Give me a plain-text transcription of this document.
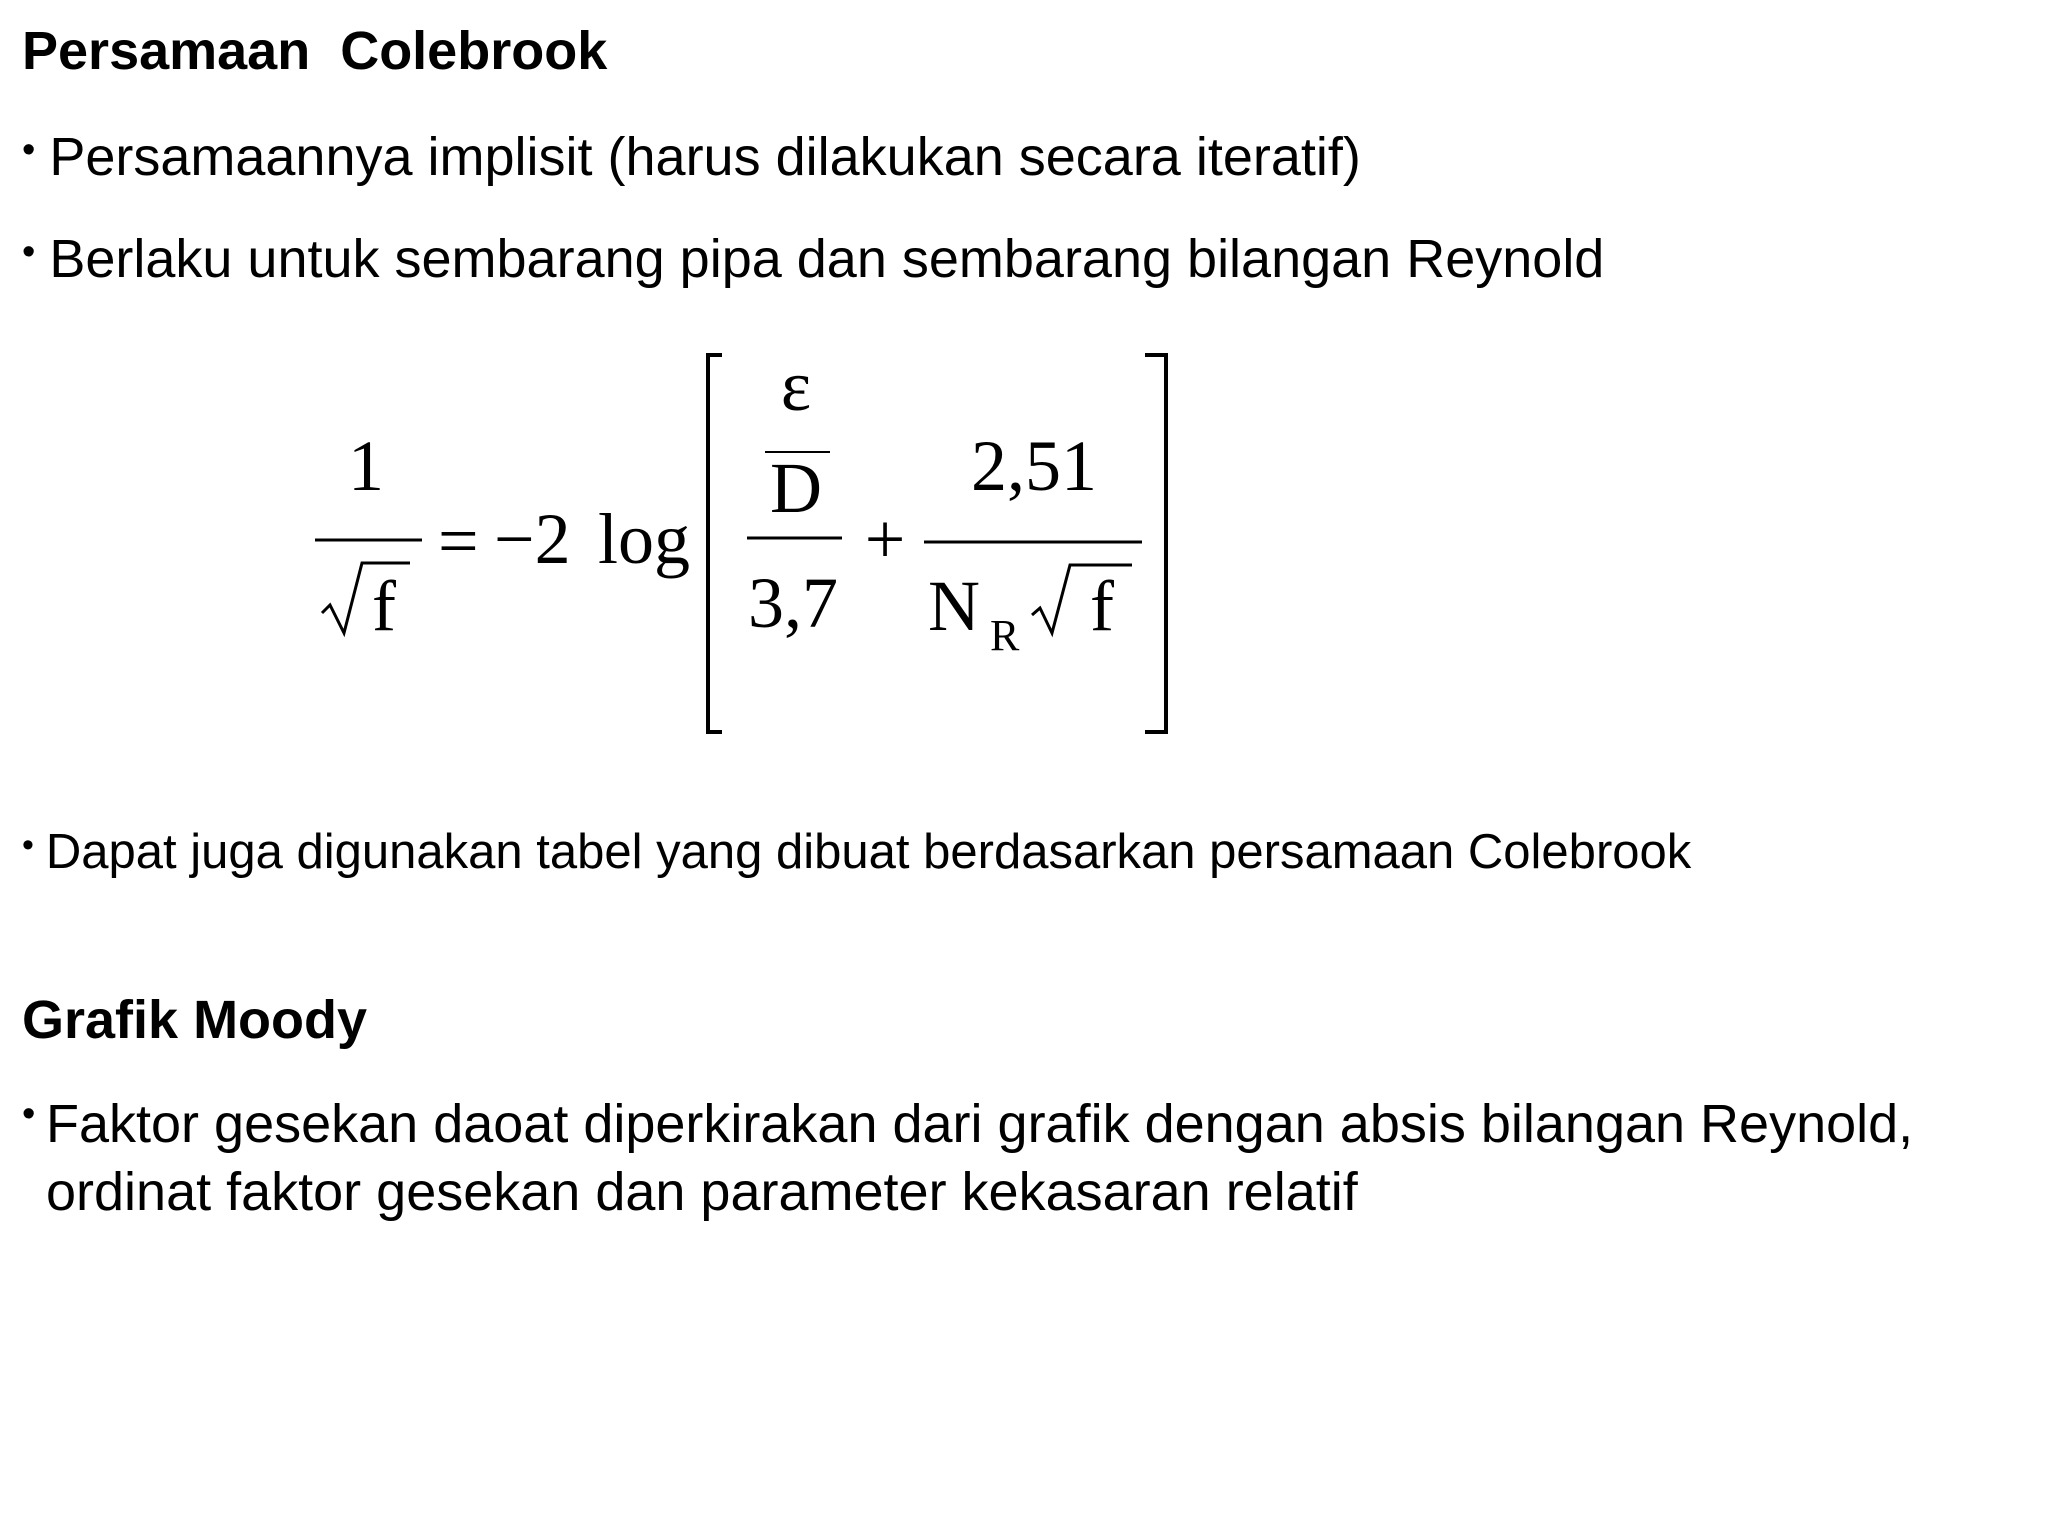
Persamaan  Colebrook
• Persamaannya implisit (harus dilakukan secara iteratif)
• Berlaku untuk sembarang pipa dan sembarang bilangan Reynold
1
f
= −2 log
ε
D
3,7
+
2,51
N R f
• Dapat juga digunakan tabel yang dibuat berdasarkan persamaan Colebrook
Grafik Moody
• Faktor gesekan daoat diperkirakan dari grafik dengan absis bilangan Reynold,
ordinat faktor gesekan dan parameter kekasaran relatif
